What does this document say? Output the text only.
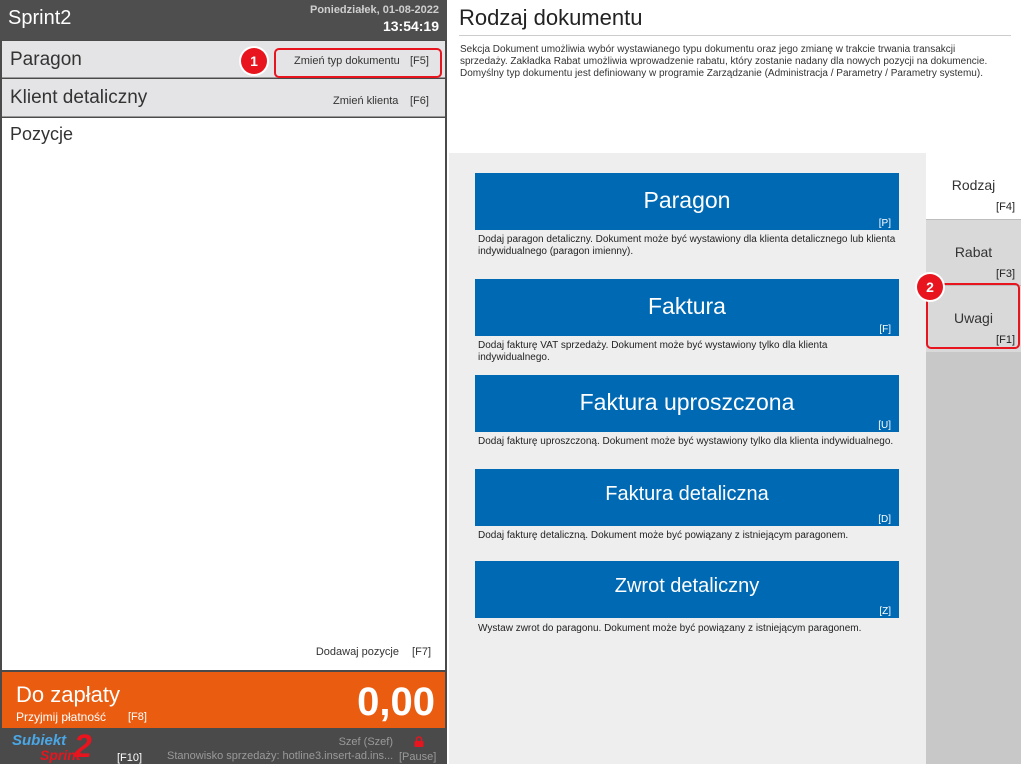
Sprint2	Poniedziałek, 01-08-2022
13:54:19
Paragon	Zmień typ dokumentu [F5]
Klient detaliczny	Zmień klienta [F6]
Pozycje
Dodawaj pozycje [F7]
Do zapłaty
Przyjmij płatność [F8]	0,00
Subiekt
Sprint
2 [F10]
Szef (Szef)
Stanowisko sprzedaży: hotline3.insert-ad.ins... [Pause]
1
Rodzaj dokumentu
Sekcja Dokument umożliwia wybór wystawianego typu dokumentu oraz jego zmianę w trakcie trwania transakcji sprzedaży. Zakładka Rabat umożliwia wprowadzenie rabatu, który zostanie nadany dla nowych pozycji na dokumencie. Domyślny typ dokumentu jest definiowany w programie Zarządzanie (Administracja / Parametry / Parametry systemu).
Paragon
[P]
Dodaj paragon detaliczny. Dokument może być wystawiony dla klienta detalicznego lub klienta indywidualnego (paragon imienny).
Faktura
[F]
Dodaj fakturę VAT sprzedaży. Dokument może być wystawiony tylko dla klienta indywidualnego.
Faktura uproszczona
[U]
Dodaj fakturę uproszczoną. Dokument może być wystawiony tylko dla klienta indywidualnego.
Faktura detaliczna
[D]
Dodaj fakturę detaliczną. Dokument może być powiązany z istniejącym paragonem.
Zwrot detaliczny
[Z]
Wystaw zwrot do paragonu. Dokument może być powiązany z istniejącym paragonem.
Rodzaj
[F4]
Rabat
[F3]
Uwagi
[F1]
2
